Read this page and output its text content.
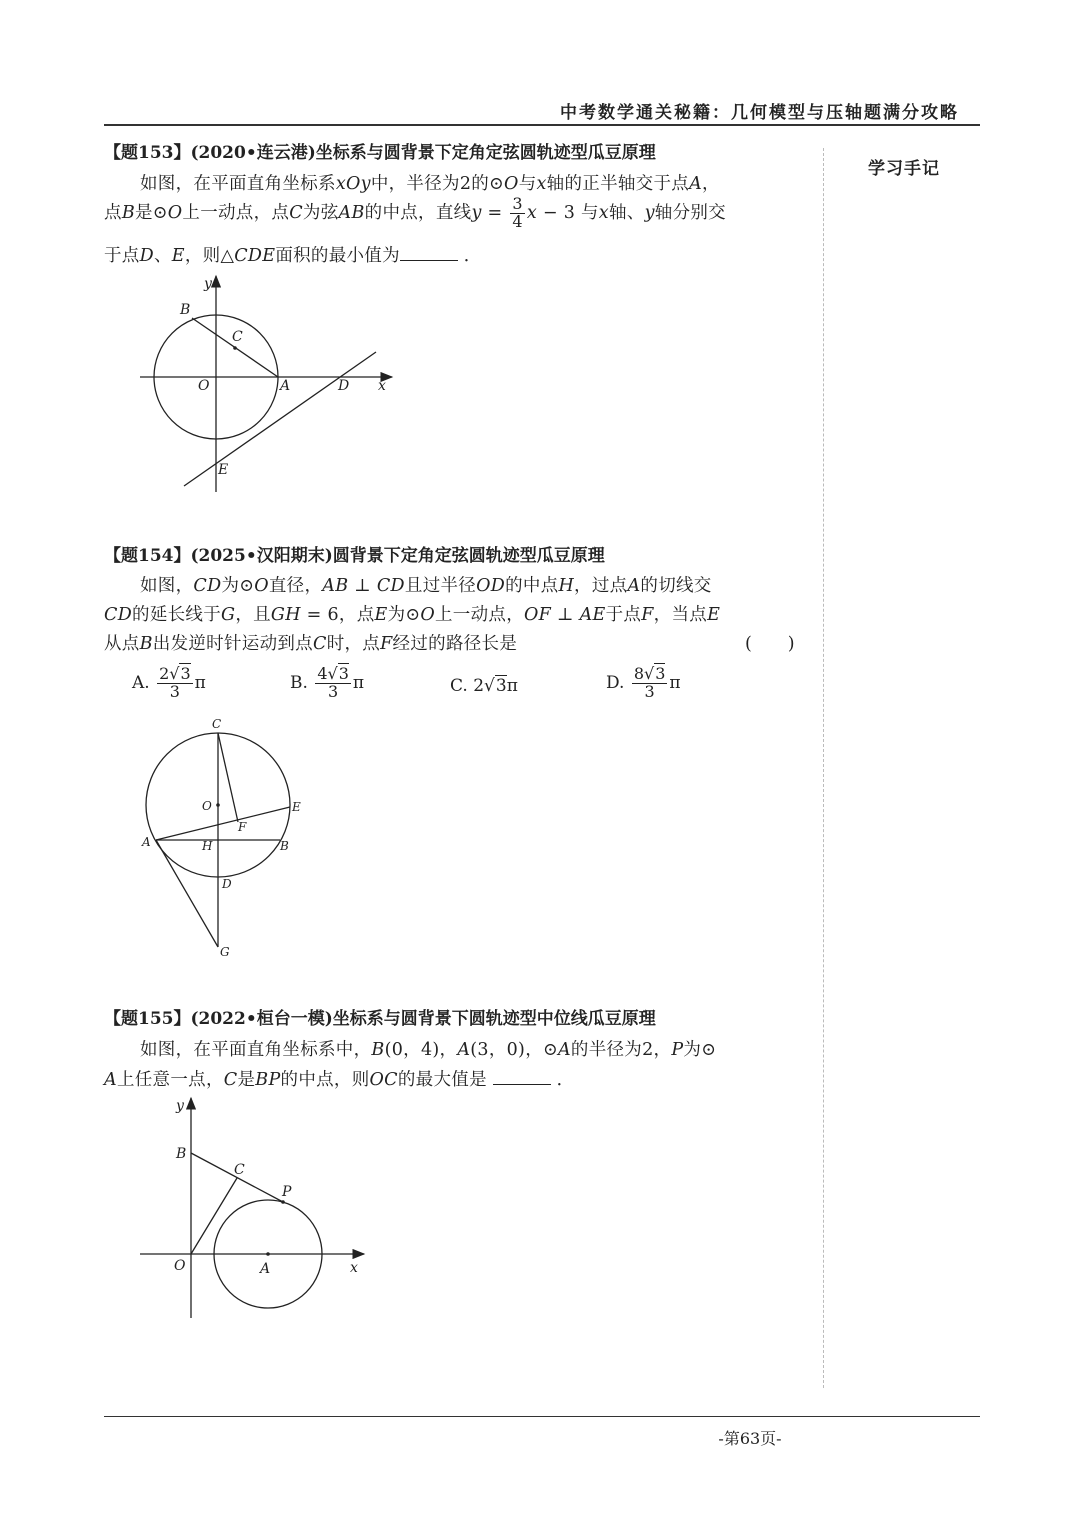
中考数学通关秘籍：几何模型与压轴题满分攻略
学习手记
-第63页-
【题153】(2020•连云港)坐标系与圆背景下定角定弦圆轨迹型瓜豆原理
如图，在平面直角坐标系xOy中，半径为2的⊙O与x轴的正半轴交于点A，
点B是⊙O上一动点，点C为弦AB的中点，直线$y = \frac{3}{4}$ x − 3 与x轴、y轴分别交
于点D、E，则△CDE面积的最小值为	．
y
x
B
C
O	A	D
E
【题154】(2025•汉阳期末)圆背景下定角定弦圆轨迹型瓜豆原理
如图，CD为⊙O直径，AB ⊥ CD且过半径OD的中点H，过点A的切线交
CD的延长线于G，且GH = 6，点E为⊙O上一动点，OF ⊥ AE于点F，当点E
从点B出发逆时针运动到点C时，点F经过的路径长是	(　　)
A. $\frac{2√3}{3}$ π	B. $\frac{4√3}{3}$ π	C. 2√3π	D. $\frac{8√3}{3}$ π
C
O	E
F
A	H	B
D
G
【题155】(2022•桓台一模)坐标系与圆背景下圆轨迹型中位线瓜豆原理
如图，在平面直角坐标系中，B(0，4)，A(3，0)，⊙A的半径为2，P为⊙
A上任意一点，C是BP的中点，则OC的最大值是	．
y
x
B
C
P
O	A
